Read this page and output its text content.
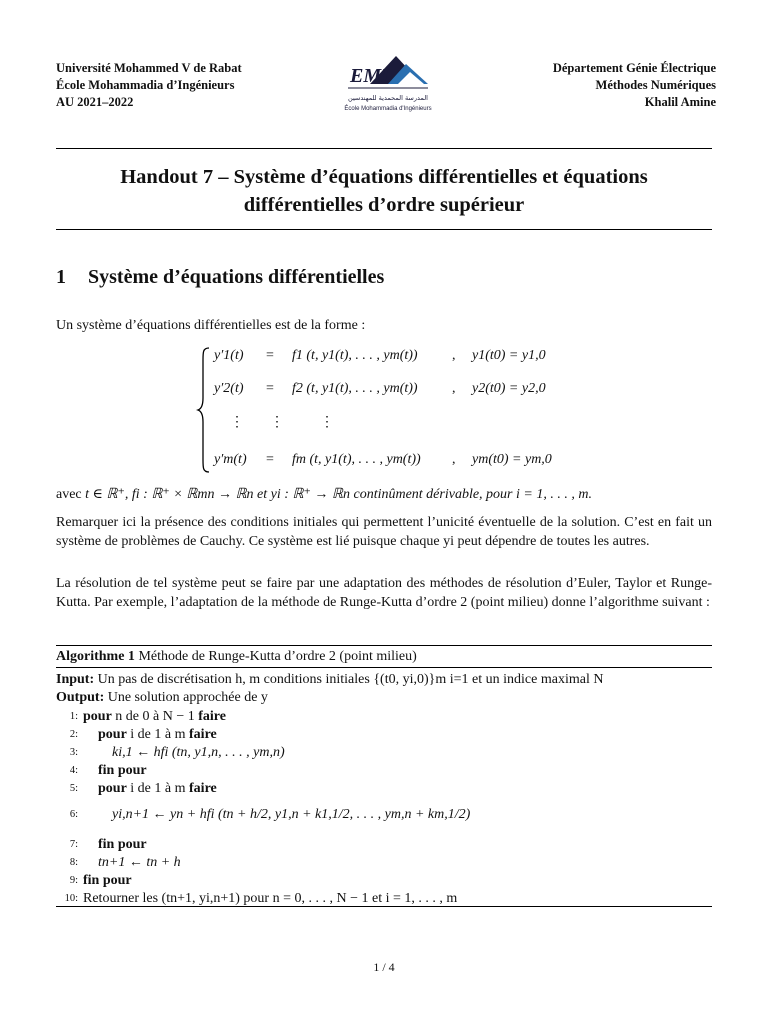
Université Mohammed V de Rabat
École Mohammadia d’Ingénieurs
AU 2021–2022
EMI
المدرسة المحمدية للمهندسين
École Mohammadia d'Ingénieurs
Département Génie Électrique
Méthodes Numériques
Khalil Amine
Handout 7 – Système d’équations différentielles et équations
différentielles d’ordre supérieur
1 Système d’équations différentielles
Un système d’équations différentielles est de la forme :
y′1(t) = f1 (t, y1(t), . . . , ym(t)) , y1(t0) = y1,0
y′2(t) = f2 (t, y1(t), . . . , ym(t)) , y2(t0) = y2,0
⋮ ⋮	⋮
y′m(t) = fm (t, y1(t), . . . , ym(t)) , ym(t0) = ym,0
avec t ∈ ℝ⁺, fi : ℝ⁺ × ℝmn → ℝn et yi : ℝ⁺ → ℝn continûment dérivable, pour i = 1, . . . , m.
Remarquer ici la présence des conditions initiales qui permettent l’unicité éventuelle de la solution. C’est en fait un système de problèmes de Cauchy. Ce système est lié puisque chaque yi peut dépendre de toutes les autres.
La résolution de tel système peut se faire par une adaptation des méthodes de résolution d’Euler, Taylor et Runge-Kutta. Par exemple, l’adaptation de la méthode de Runge-Kutta d’ordre 2 (point milieu) donne l’algorithme suivant :
Algorithme 1 Méthode de Runge-Kutta d’ordre 2 (point milieu)
Input: Un pas de discrétisation h, m conditions initiales {(t0, yi,0)}m i=1 et un indice maximal N
Output: Une solution approchée de y
1: pour n de 0 à N − 1 faire
2: pour i de 1 à m faire
3: ki,1 ← hfi (tn, y1,n, . . . , ym,n)
4: fin pour
5: pour i de 1 à m faire
6: yi,n+1 ← yn + hfi (tn + h/2, y1,n + k1,1/2, . . . , ym,n + km,1/2)
7: fin pour
8: tn+1 ← tn + h
9: fin pour
10: Retourner les (tn+1, yi,n+1) pour n = 0, . . . , N − 1 et i = 1, . . . , m
1 / 4
